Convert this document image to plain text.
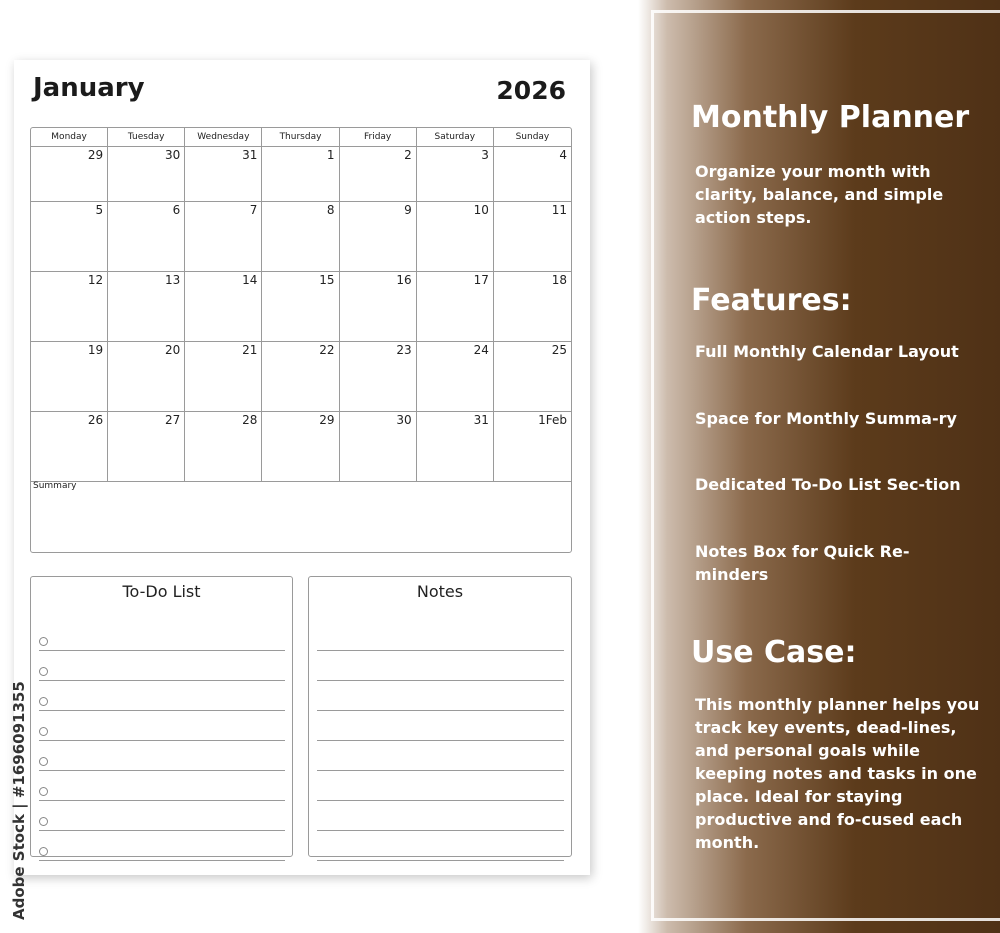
January	2026
Monday	Tuesday	Wednesday	Thursday	Friday	Saturday	Sunday
29	30	31	1	2	3	4
5	6	7	8	9	10	11
12	13	14	15	16	17	18
19	20	21	22	23	24	25
26	27	28	29	30	31	1Feb
Summary
To-Do List	Notes
Adobe Stock | #1696091355
Monthly Planner
Organize your month with clarity, balance, and simple action steps.
Features:
Full Monthly Calendar Layout
Space for Monthly Summa-ry
Dedicated To-Do List Sec-tion
Notes Box for Quick Re-minders
Use Case:
This monthly planner helps you track key events, dead-lines, and personal goals while keeping notes and tasks in one place. Ideal for staying productive and fo-cused each month.
